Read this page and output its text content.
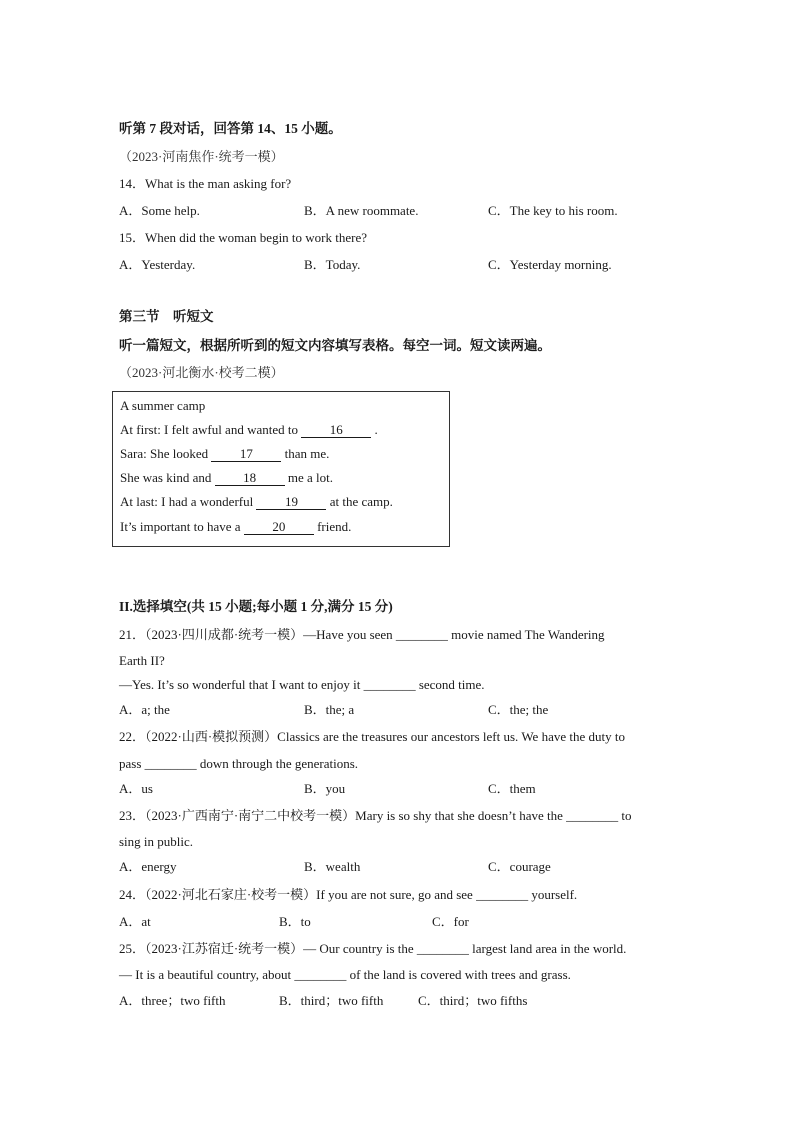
听第 7 段对话，回答第 14、15 小题。
（2023·河南焦作·统考一模）
14．What is the man asking for?
A．Some help.	B．A new roommate.	C．The key to his room.
15．When did the woman begin to work there?
A．Yesterday.	B．Today.	C．Yesterday morning.
第三节　听短文
听一篇短文，根据所听到的短文内容填写表格。每空一词。短文读两遍。
（2023·河北衡水·校考二模）
A summer camp
At first: I felt awful and wanted to 16 .
Sara: She looked 17 than me.
She was kind and 18 me a lot.
At last: I had a wonderful 19 at the camp.
It’s important to have a 20 friend.
II.选择填空(共 15 小题;每小题 1 分,满分 15 分)
21．（2023·四川成都·统考一模）—Have you seen ________ movie named The Wandering
Earth II?
—Yes. It’s so wonderful that I want to enjoy it ________ second time.
A．a; the	B．the; a	C．the; the
22．（2022·山西·模拟预测）Classics are the treasures our ancestors left us. We have the duty to
pass ________ down through the generations.
A．us	B．you	C．them
23．（2023·广西南宁·南宁二中校考一模）Mary is so shy that she doesn’t have the ________ to
sing in public.
A．energy	B．wealth	C．courage
24．（2022·河北石家庄·校考一模）If you are not sure, go and see ________ yourself.
A．at	B．to	C．for
25．（2023·江苏宿迁·统考一模）— Our country is the ________ largest land area in the world.
— It is a beautiful country, about ________ of the land is covered with trees and grass.
A．three；two fifth	B．third；two fifth	C．third；two fifths
